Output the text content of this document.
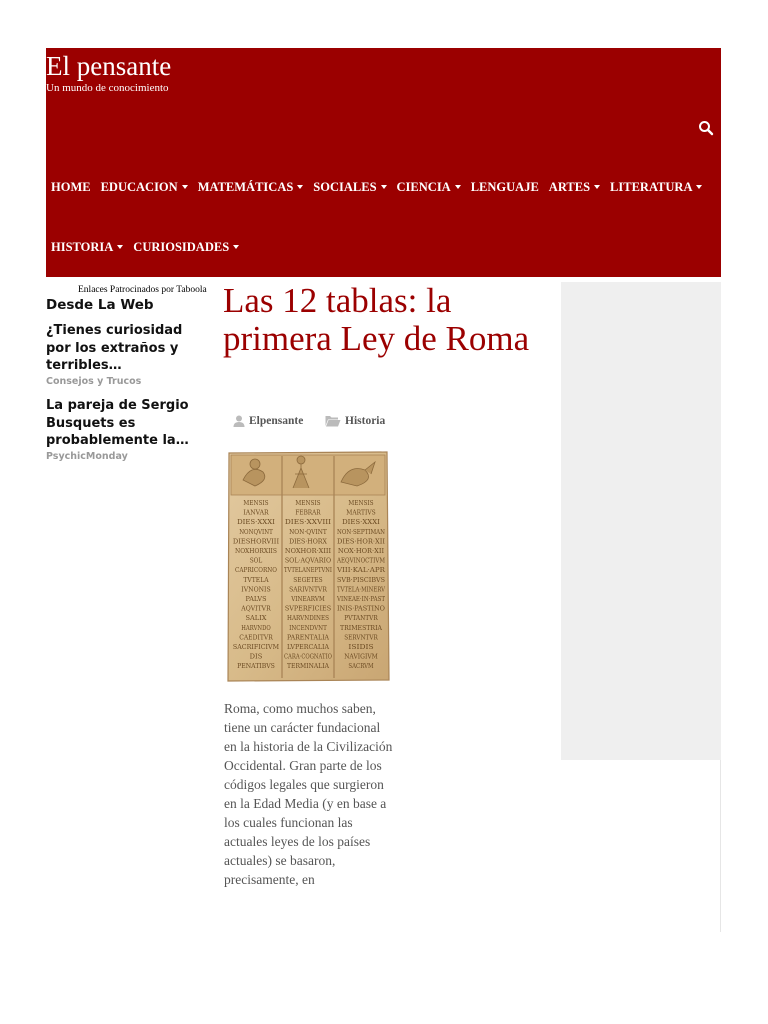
El pensante
Un mundo de conocimiento
HOME EDUCACION MATEMÁTICAS SOCIALES CIENCIA LENGUAJE ARTES LITERATURA
HISTORIA CURIOSIDADES
Enlaces Patrocinados por Taboola
Desde La Web
¿Tienes curiosidad por los extraños y terribles…
Consejos y Trucos
La pareja de Sergio Busquets es probablemente la…
PsychicMonday
Las 12 tablas: la primera Ley de Roma
Elpensante	Historia
MENSIS
IANVAR
DIES·XXXI
NONQVINT
DIESHORVIII
NOXHORXIIS
SOL
CAPRICORNO
TVTELA
IVNONIS
PALVS
AQVITVR
SALIX
HARVNDO
CAEDITVR
SACRIFICIVM
DIS
PENATIBVS
MENSIS
FEBRAR
DIES·XXVIII
NON·QVINT
DIES·HORX
NOXHOR·XIII
SOL·AQVARIO
TVTELANEPTVNI
SEGETES
SARIVNTVR
VINEARVM
SVPERFICIES
HARVNDINES
INCENDVNT
PARENTALIA
LVPERCALIA
CARA·COGNATIO
TERMINALIA
MENSIS
MARTIVS
DIES·XXXI
NON·SEPTIMAN
DIES·HOR·XII
NOX·HOR·XII
AEQVINOCTIVM
VIII·KAL·APR
SVB·PISCIBVS
TVTELA·MINERV
VINEAE·IN·PAST
INIS·PASTINO
PVTANTVR
TRIMESTRIA
SERVNTVR
ISIDIS
NAVIGIVM
SACRVM
Roma, como muchos saben, tiene un carácter fundacional en la historia de la Civilización Occidental. Gran parte de los códigos legales que surgieron en la Edad Media (y en base a los cuales funcionan las actuales leyes de los países actuales) se basaron, precisamente, en
